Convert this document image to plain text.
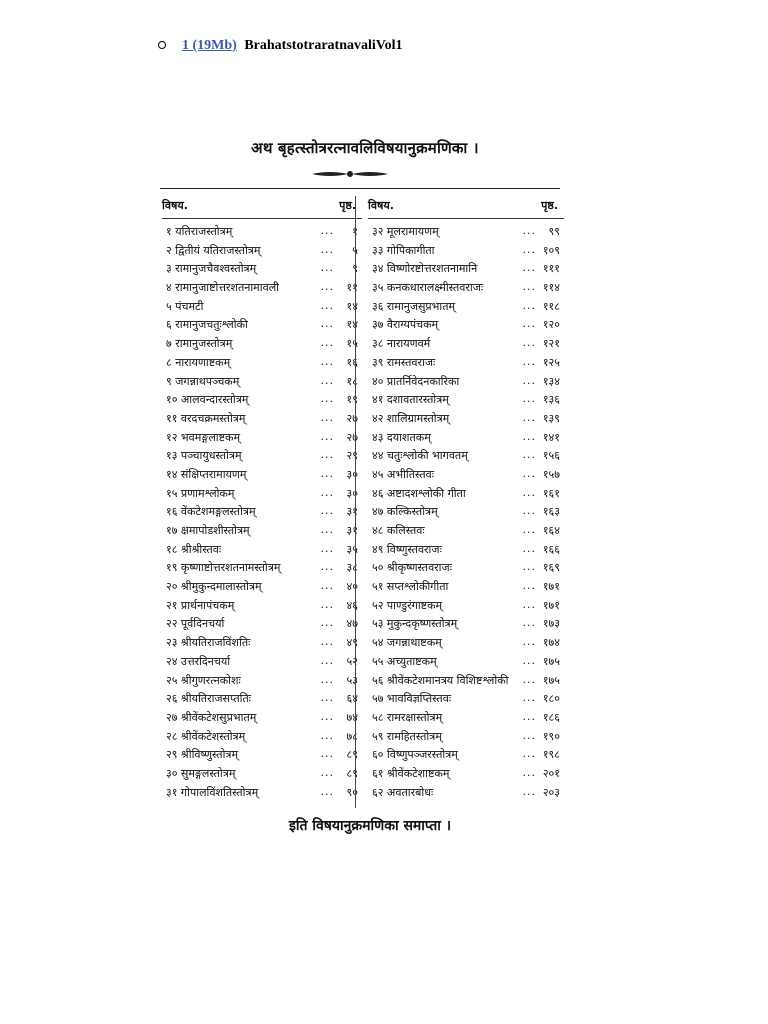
1 (19Mb) BrahatstotraratnavaliVol1
अथ बृहत्स्तोत्ररत्नावलिविषयानुक्रमणिका ।
विषय.	पृष्ठ.
१ यतिराजस्तोत्रम्	... १
२ द्वितीयं यतिराजस्तोत्रम्	... ५
३ रामानुजचैवश्वस्तोत्रम्	... ९
४ रामानुजाष्टोत्तरशतनामावली	... ११
५ पंचमटी	... १४
६ रामानुजचतुःश्लोकी	... १४
७ रामानुजस्तोत्रम्	... १५
८ नारायणाष्टकम्	... १६
९ जगन्नाथपञ्चकम्	... १८
१० आलवन्दारस्तोत्रम्	... १९
११ वरदचक्रमस्तोत्रम्	... २७
१२ भवमङ्गलाष्टकम्	... २७
१३ पञ्चायुधस्तोत्रम्	... २९
१४ संक्षिप्तरामायणम्	... ३०
१५ प्रणामश्लोकम्	... ३०
१६ वेंकटेशमङ्गलस्तोत्रम्	... ३१
१७ क्षमापोडशीस्तोत्रम्	... ३१
१८ श्रीश्रीस्तवः	... ३५
१९ कृष्णाष्टोत्तरशतनामस्तोत्रम्	... ३८
२० श्रीमुकुन्दमालास्तोत्रम्	... ४०
२१ प्रार्थनापंचकम्	... ४६
२२ पूर्वदिनचर्या	... ४७
२३ श्रीयतिराजविंशतिः	... ४९
२४ उत्तरदिनचर्या	... ५२
२५ श्रीगुणरत्नकोशः	... ५३
२६ श्रीयतिराजसप्ततिः	... ६४
२७ श्रीवेंकटेशसुप्रभातम्	... ७४
२८ श्रीवेंकटेशस्तोत्रम्	... ७८
२९ श्रीविष्णुस्तोत्रम्	... ८९
३० सुमङ्गलस्तोत्रम्	... ८९
३१ गोपालविंशतिस्तोत्रम्	... ९०
विषय.	पृष्ठ.
३२ मूलरामायणम्	... ९९
३३ गोपिकागीता	... १०९
३४ विष्णोरष्टोत्तरशतनामानि	... १११
३५ कनकधारालक्ष्मीस्तवराजः	... ११४
३६ रामानुजसुप्रभातम्	... ११८
३७ वैराग्यपंचकम्	... १२०
३८ नारायणवर्म	... १२१
३९ रामस्तवराजः	... १२५
४० प्रातर्निवेदनकारिका	... १३४
४१ दशावतारस्तोत्रम्	... १३६
४२ शालिग्रामस्तोत्रम्	... १३९
४३ दयाशतकम्	... १४१
४४ चतुःश्लोकी भागवतम्	... १५६
४५ अभीतिस्तवः	... १५७
४६ अष्टादशश्लोकी गीता	... १६१
४७ कल्किस्तोत्रम्	... १६३
४८ कलिस्तवः	... १६४
४९ विष्णुस्तवराजः	... १६६
५० श्रीकृष्णस्तवराजः	... १६९
५१ सप्तश्लोकीगीता	... १७१
५२ पाण्डुरंगाष्टकम्	... १७१
५३ मुकुन्दकृष्णस्तोत्रम्	... १७३
५४ जगन्नाथाष्टकम्	... १७४
५५ अच्युताष्टकम्	... १७५
५६ श्रीवेंकटेशमानत्रय विशिष्टश्लोकी ... १७५
५७ भावविज्ञप्तिस्तवः	... १८०
५८ रामरक्षास्तोत्रम्	... १८६
५९ रामहितस्तोत्रम्	... १९०
६० विष्णुपञ्जरस्तोत्रम्	... १९८
६१ श्रीवेंकटेशाष्टकम्	... २०१
६२ अवतारबोधः	... २०३
इति विषयानुक्रमणिका समाप्ता ।
